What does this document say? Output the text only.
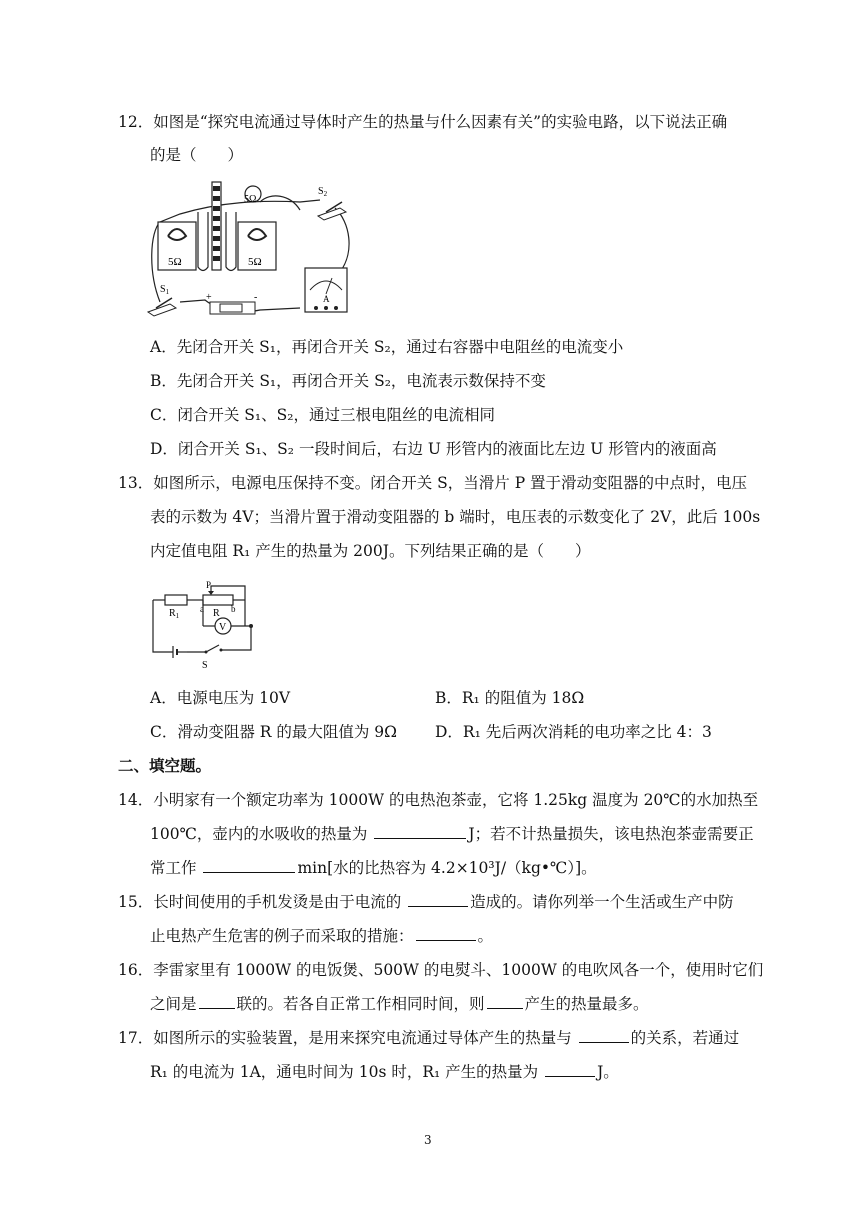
12．如图是“探究电流通过导体时产生的热量与什么因素有关”的实验电路，以下说法正确
的是（　　）
5Ω	5Ω
5Ω
$S_2$
$S_1$	+	-	A
A．先闭合开关 S₁，再闭合开关 S₂，通过右容器中电阻丝的电流变小
B．先闭合开关 S₁，再闭合开关 S₂，电流表示数保持不变
C．闭合开关 S₁、S₂，通过三根电阻丝的电流相同
D．闭合开关 S₁、S₂ 一段时间后，右边 U 形管内的液面比左边 U 形管内的液面高
13．如图所示，电源电压保持不变。闭合开关 S，当滑片 P 置于滑动变阻器的中点时，电压
表的示数为 4V；当滑片置于滑动变阻器的 b 端时，电压表的示数变化了 2V，此后 100s
内定值电阻 R₁ 产生的热量为 200J。下列结果正确的是（　　）
S
$R_1$
a R b
P
V
A．电源电压为 10V	B．R₁ 的阻值为 18Ω
C．滑动变阻器 R 的最大阻值为 9Ω D．R₁ 先后两次消耗的电功率之比 4：3
二、填空题。
14．小明家有一个额定功率为 1000W 的电热泡茶壶，它将 1.25kg 温度为 20℃的水加热至
100℃，壶内的水吸收的热量为	J；若不计热量损失，该电热泡茶壶需要正
常工作	min[水的比热容为 4.2×10³J/（kg•℃）]。
15．长时间使用的手机发烫是由于电流的	造成的。请你列举一个生活或生产中防
止电热产生危害的例子而采取的措施：	。
16．李雷家里有 1000W 的电饭煲、500W 的电熨斗、1000W 的电吹风各一个，使用时它们
之间是	联的。若各自正常工作相同时间，则	产生的热量最多。
17．如图所示的实验装置，是用来探究电流通过导体产生的热量与	的关系，若通过
R₁ 的电流为 1A，通电时间为 10s 时，R₁ 产生的热量为	J。
3
